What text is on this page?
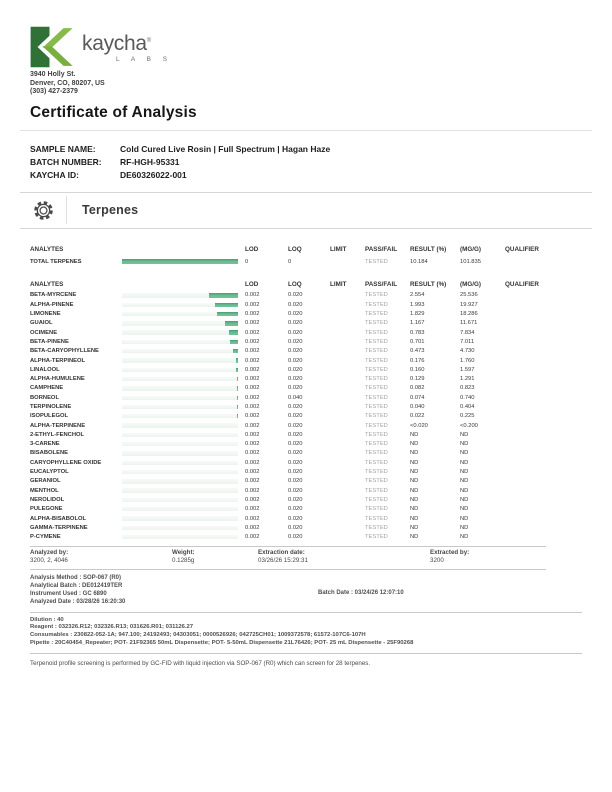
kaycha®
L A B S
3940 Holly St.
Denver, CO, 80207, US
(303) 427-2379
Certificate of Analysis
SAMPLE NAME:	Cold Cured Live Rosin | Full Spectrum | Hagan Haze
BATCH NUMBER:	RF-HGH-95331
KAYCHA ID:	DE60326022-001
Terpenes
ANALYTES	LOD	LOQ	LIMIT	PASS/FAIL	RESULT (%)	(MG/G)	QUALIFIER
TOTAL TERPENES	0	0	TESTED	10.184	101.835
ANALYTES	LOD	LOQ	LIMIT	PASS/FAIL	RESULT (%)	(MG/G)	QUALIFIER
BETA-MYRCENE	0.002	0.020	TESTED	2.554	25.536
ALPHA-PINENE	0.002	0.020	TESTED	1.993	19.927
LIMONENE	0.002	0.020	TESTED	1.829	18.286
GUAIOL	0.002	0.020	TESTED	1.167	11.671
OCIMENE	0.002	0.020	TESTED	0.783	7.834
BETA-PINENE	0.002	0.020	TESTED	0.701	7.011
BETA-CARYOPHYLLENE	0.002	0.020	TESTED	0.473	4.730
ALPHA-TERPINEOL	0.002	0.020	TESTED	0.176	1.760
LINALOOL	0.002	0.020	TESTED	0.160	1.597
ALPHA-HUMULENE	0.002	0.020	TESTED	0.129	1.291
CAMPHENE	0.002	0.020	TESTED	0.082	0.823
BORNEOL	0.002	0.040	TESTED	0.074	0.740
TERPINOLENE	0.002	0.020	TESTED	0.040	0.404
ISOPULEGOL	0.002	0.020	TESTED	0.022	0.225
ALPHA-TERPINENE	0.002	0.020	TESTED	<0.020	<0.200
2-ETHYL-FENCHOL	0.002	0.020	TESTED	ND	ND
3-CARENE	0.002	0.020	TESTED	ND	ND
BISABOLENE	0.002	0.020	TESTED	ND	ND
CARYOPHYLLENE OXIDE	0.002	0.020	TESTED	ND	ND
EUCALYPTOL	0.002	0.020	TESTED	ND	ND
GERANIOL	0.002	0.020	TESTED	ND	ND
MENTHOL	0.002	0.020	TESTED	ND	ND
NEROLIDOL	0.002	0.020	TESTED	ND	ND
PULEGONE	0.002	0.020	TESTED	ND	ND
ALPHA-BISABOLOL	0.002	0.020	TESTED	ND	ND
GAMMA-TERPINENE	0.002	0.020	TESTED	ND	ND
P-CYMENE	0.002	0.020	TESTED	ND	ND
Analyzed by:	Weight:	Extraction date:	Extracted by:
3200, 2, 4046	0.1285g	03/26/26 15:29:31	3200
Analysis Method : SOP-067 (R0)
Analytical Batch : DE012419TER
Instrument Used : GC 6890
Analyzed Date : 03/28/26 16:20:30
Batch Date : 03/24/26 12:07:10
Dilution : 40
Reagent : 032326.R12; 032326.R13; 031626.R01; 031126.27
Consumables : 230822-052-1A; 947.100; 24192493; 04303051; 0000526926; 042725CH01; 1009372578; 61572-107C6-107H
Pipette : 20C40454_Repeater; POT- 21F92365 50mL Dispensette; POT- 5-50mL Dispensette 21L76426; POT- 25 mL Dispensette - 25F90268
Terpenoid profile screening is performed by GC-FID with liquid injection via SOP-067 (R0) which can screen for 28 terpenes.
